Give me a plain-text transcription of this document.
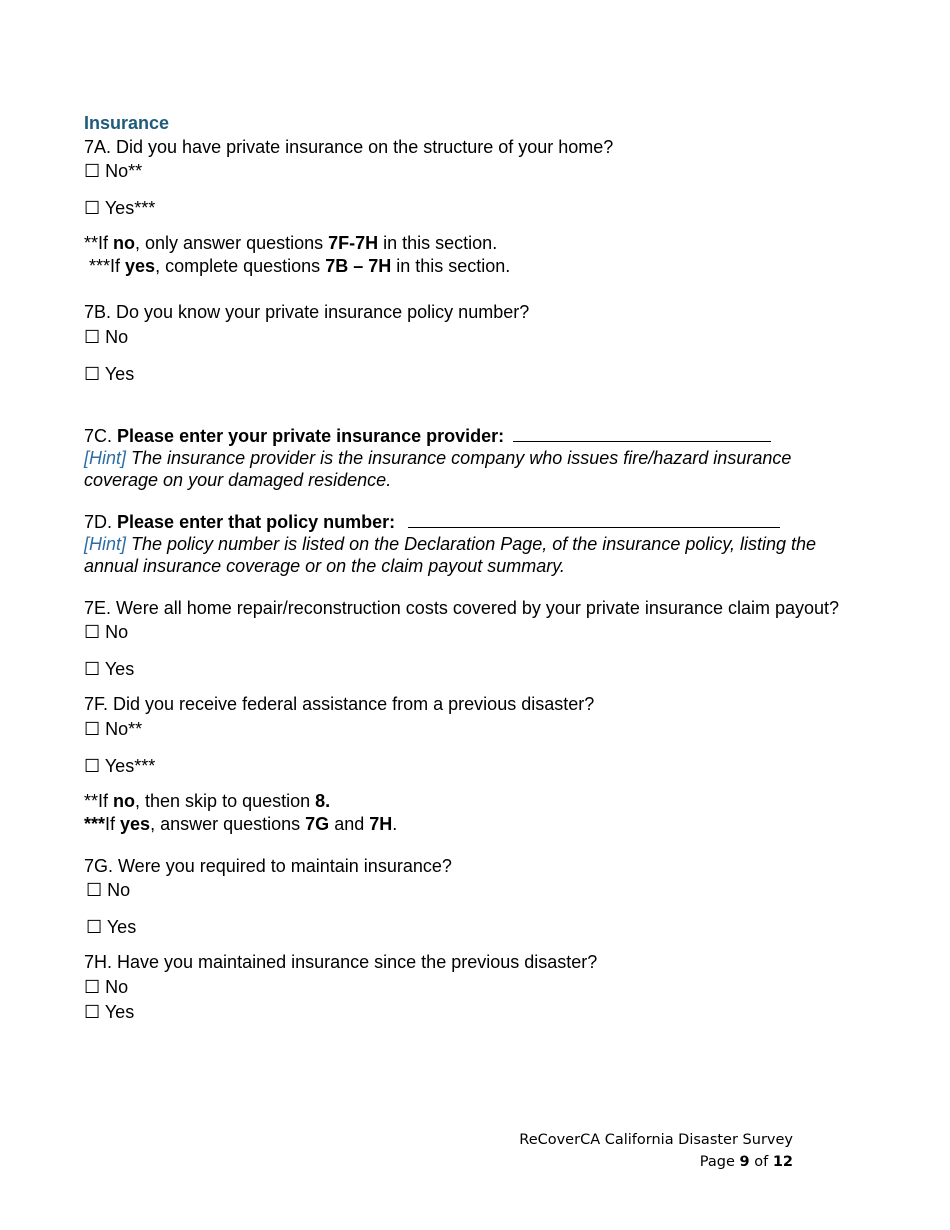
Insurance
7A. Did you have private insurance on the structure of your home?
☐ No**
☐ Yes***
**If no, only answer questions 7F-7H in this section.
***If yes, complete questions 7B – 7H in this section.
7B. Do you know your private insurance policy number?
☐ No
☐ Yes
7C. Please enter your private insurance provider:
[Hint] The insurance provider is the insurance company who issues fire/hazard insurance
coverage on your damaged residence.
7D. Please enter that policy number:
[Hint] The policy number is listed on the Declaration Page, of the insurance policy, listing the
annual insurance coverage or on the claim payout summary.
7E. Were all home repair/reconstruction costs covered by your private insurance claim payout?
☐ No
☐ Yes
7F. Did you receive federal assistance from a previous disaster?
☐ No**
☐ Yes***
**If no, then skip to question 8.
***If yes, answer questions 7G and 7H.
7G. Were you required to maintain insurance?
☐ No
☐ Yes
7H. Have you maintained insurance since the previous disaster?
☐ No
☐ Yes
ReCoverCA California Disaster Survey
Page 9 of 12
